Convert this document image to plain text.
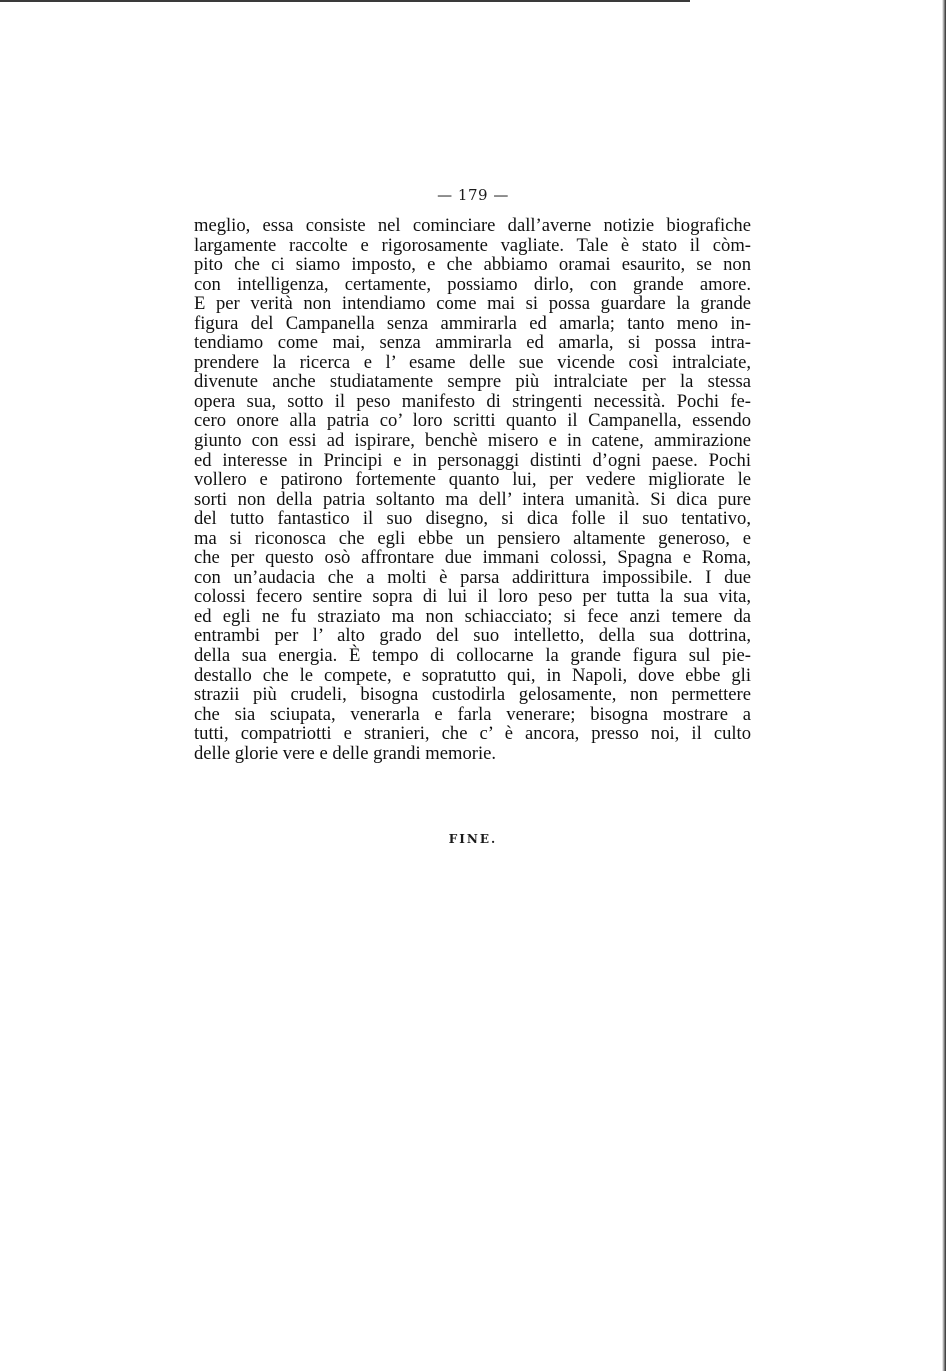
— 179 —
meglio, essa consiste nel cominciare dall’averne notizie biografiche
largamente raccolte e rigorosamente vagliate. Tale è stato il còm-
pito che ci siamo imposto, e che abbiamo oramai esaurito, se non
con intelligenza, certamente, possiamo dirlo, con grande amore.
E per verità non intendiamo come mai si possa guardare la grande
figura del Campanella senza ammirarla ed amarla; tanto meno in-
tendiamo come mai, senza ammirarla ed amarla, si possa intra-
prendere la ricerca e l’ esame delle sue vicende così intralciate,
divenute anche studiatamente sempre più intralciate per la stessa
opera sua, sotto il peso manifesto di stringenti necessità. Pochi fe-
cero onore alla patria co’ loro scritti quanto il Campanella, essendo
giunto con essi ad ispirare, benchè misero e in catene, ammirazione
ed interesse in Principi e in personaggi distinti d’ogni paese. Pochi
vollero e patirono fortemente quanto lui, per vedere migliorate le
sorti non della patria soltanto ma dell’ intera umanità. Si dica pure
del tutto fantastico il suo disegno, si dica folle il suo tentativo,
ma si riconosca che egli ebbe un pensiero altamente generoso, e
che per questo osò affrontare due immani colossi, Spagna e Roma,
con un’audacia che a molti è parsa addirittura impossibile. I due
colossi fecero sentire sopra di lui il loro peso per tutta la sua vita,
ed egli ne fu straziato ma non schiacciato; si fece anzi temere da
entrambi per l’ alto grado del suo intelletto, della sua dottrina,
della sua energia. È tempo di collocarne la grande figura sul pie-
destallo che le compete, e sopratutto qui, in Napoli, dove ebbe gli
strazii più crudeli, bisogna custodirla gelosamente, non permettere
che sia sciupata, venerarla e farla venerare; bisogna mostrare a
tutti, compatriotti e stranieri, che c’ è ancora, presso noi, il culto
delle glorie vere e delle grandi memorie.
FINE.
